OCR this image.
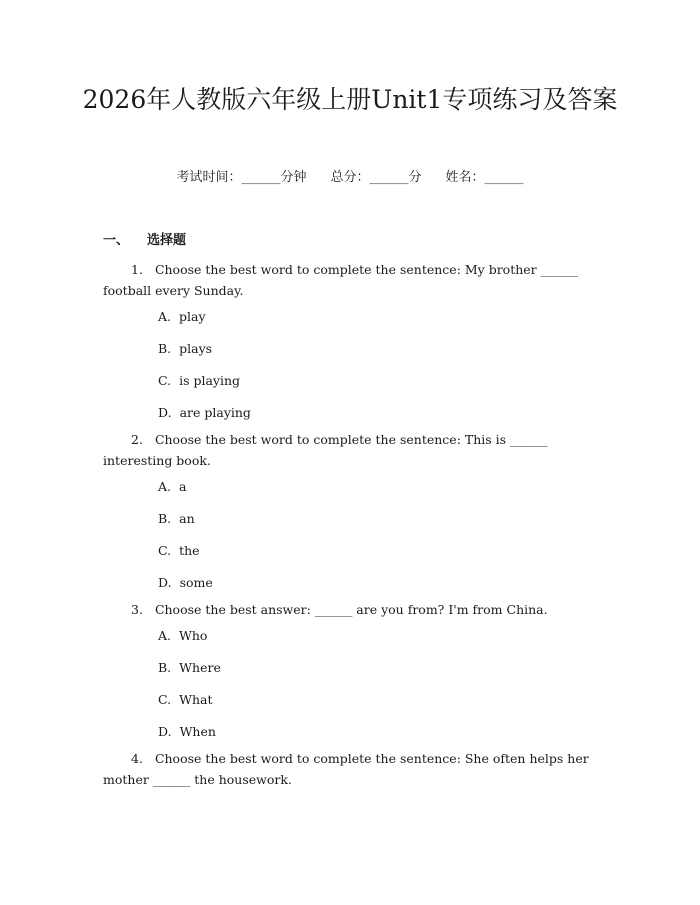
2026年人教版六年级上册Unit1专项练习及答案
考试时间：______分钟 总分：______分 姓名：______
一、 选择题

1. Choose the best word to complete the sentence: My brother ______ football every Sunday.

A. play
B. plays
C. is playing
D. are playing

2. Choose the best word to complete the sentence: This is ______ interesting book.

A. a
B. an
C. the
D. some

3. Choose the best answer: ______ are you from? I'm from China.

A. Who
B. Where
C. What
D. When

4. Choose the best word to complete the sentence: She often helps her mother ______ the housework.
